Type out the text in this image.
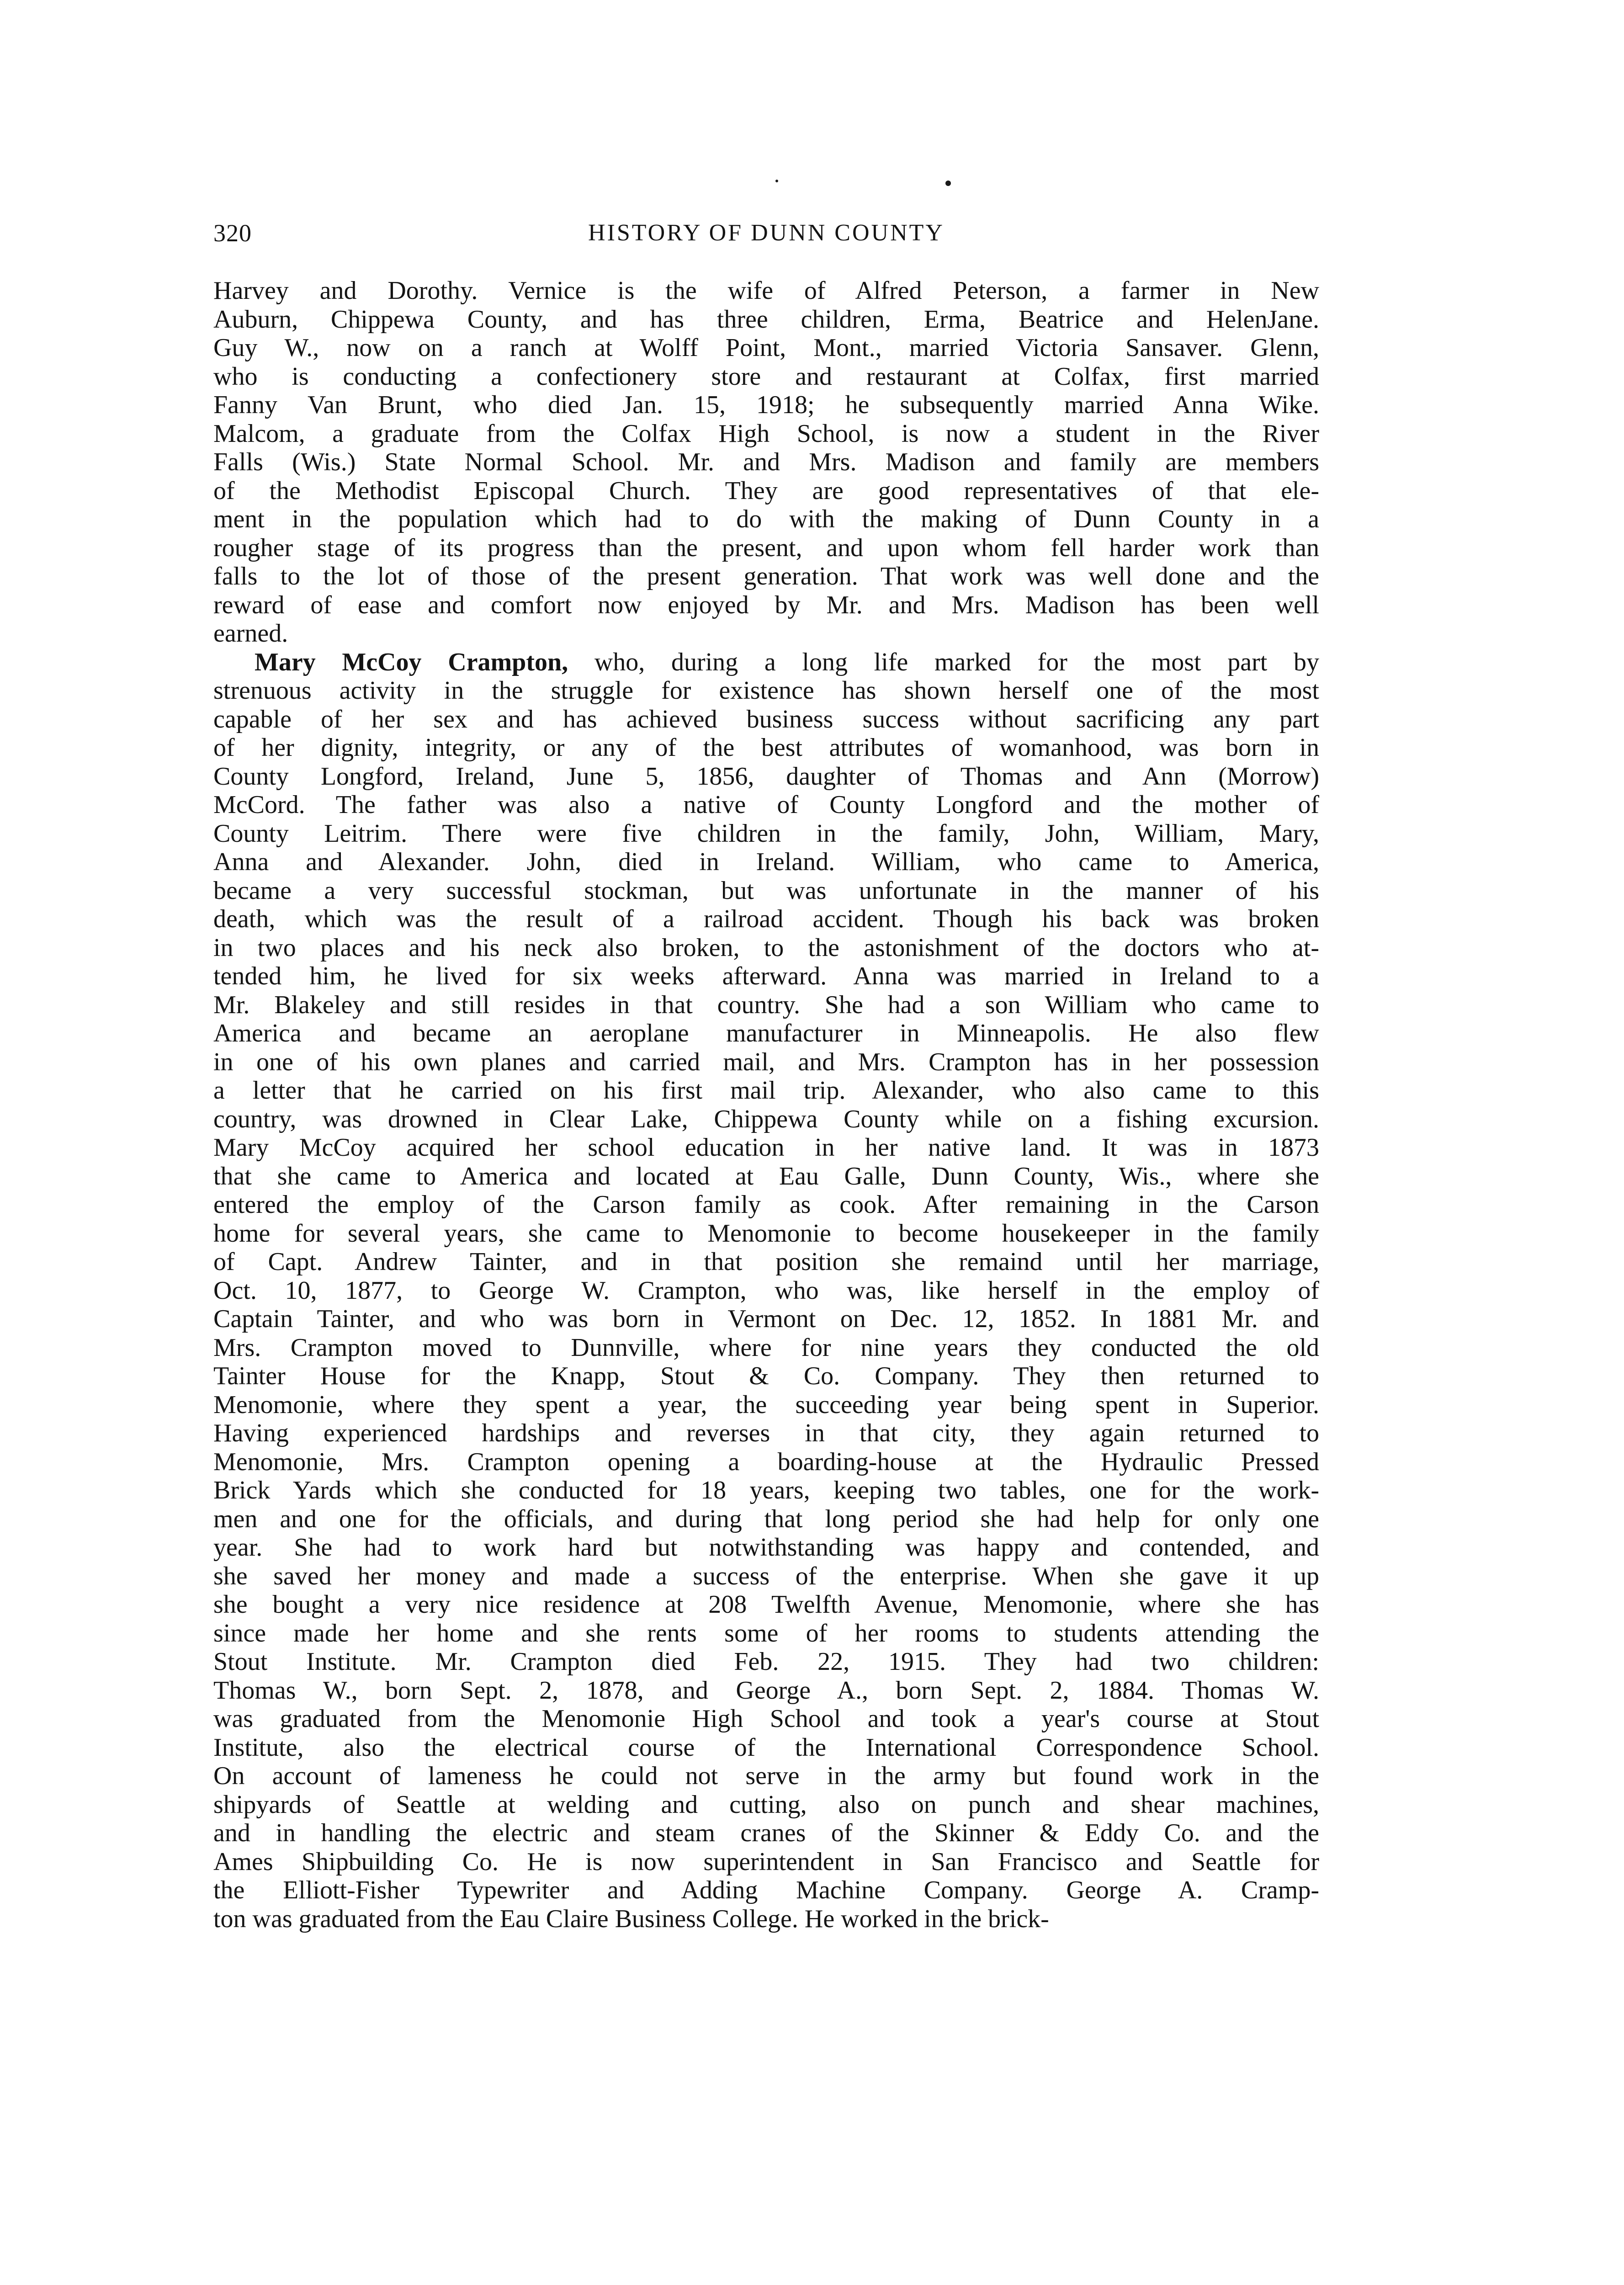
320	HISTORY OF DUNN COUNTY
Harvey and Dorothy. Vernice is the wife of Alfred Peterson, a farmer in New
Auburn, Chippewa County, and has three children, Erma, Beatrice and HelenJane.
Guy W., now on a ranch at Wolff Point, Mont., married Victoria Sansaver. Glenn,
who is conducting a confectionery store and restaurant at Colfax, first married
Fanny Van Brunt, who died Jan. 15, 1918; he subsequently married Anna Wike.
Malcom, a graduate from the Colfax High School, is now a student in the River
Falls (Wis.) State Normal School. Mr. and Mrs. Madison and family are members
of the Methodist Episcopal Church. They are good representatives of that ele-
ment in the population which had to do with the making of Dunn County in a
rougher stage of its progress than the present, and upon whom fell harder work than
falls to the lot of those of the present generation. That work was well done and the
reward of ease and comfort now enjoyed by Mr. and Mrs. Madison has been well
earned.
Mary McCoy Crampton, who, during a long life marked for the most part by
strenuous activity in the struggle for existence has shown herself one of the most
capable of her sex and has achieved business success without sacrificing any part
of her dignity, integrity, or any of the best attributes of womanhood, was born in
County Longford, Ireland, June 5, 1856, daughter of Thomas and Ann (Morrow)
McCord. The father was also a native of County Longford and the mother of
County Leitrim. There were five children in the family, John, William, Mary,
Anna and Alexander. John, died in Ireland. William, who came to America,
became a very successful stockman, but was unfortunate in the manner of his
death, which was the result of a railroad accident. Though his back was broken
in two places and his neck also broken, to the astonishment of the doctors who at-
tended him, he lived for six weeks afterward. Anna was married in Ireland to a
Mr. Blakeley and still resides in that country. She had a son William who came to
America and became an aeroplane manufacturer in Minneapolis. He also flew
in one of his own planes and carried mail, and Mrs. Crampton has in her possession
a letter that he carried on his first mail trip. Alexander, who also came to this
country, was drowned in Clear Lake, Chippewa County while on a fishing excursion.
Mary McCoy acquired her school education in her native land. It was in 1873
that she came to America and located at Eau Galle, Dunn County, Wis., where she
entered the employ of the Carson family as cook. After remaining in the Carson
home for several years, she came to Menomonie to become housekeeper in the family
of Capt. Andrew Tainter, and in that position she remaind until her marriage,
Oct. 10, 1877, to George W. Crampton, who was, like herself in the employ of
Captain Tainter, and who was born in Vermont on Dec. 12, 1852. In 1881 Mr. and
Mrs. Crampton moved to Dunnville, where for nine years they conducted the old
Tainter House for the Knapp, Stout & Co. Company. They then returned to
Menomonie, where they spent a year, the succeeding year being spent in Superior.
Having experienced hardships and reverses in that city, they again returned to
Menomonie, Mrs. Crampton opening a boarding-house at the Hydraulic Pressed
Brick Yards which she conducted for 18 years, keeping two tables, one for the work-
men and one for the officials, and during that long period she had help for only one
year. She had to work hard but notwithstanding was happy and contended, and
she saved her money and made a success of the enterprise. When she gave it up
she bought a very nice residence at 208 Twelfth Avenue, Menomonie, where she has
since made her home and she rents some of her rooms to students attending the
Stout Institute. Mr. Crampton died Feb. 22, 1915. They had two children:
Thomas W., born Sept. 2, 1878, and George A., born Sept. 2, 1884. Thomas W.
was graduated from the Menomonie High School and took a year's course at Stout
Institute, also the electrical course of the International Correspondence School.
On account of lameness he could not serve in the army but found work in the
shipyards of Seattle at welding and cutting, also on punch and shear machines,
and in handling the electric and steam cranes of the Skinner & Eddy Co. and the
Ames Shipbuilding Co. He is now superintendent in San Francisco and Seattle for
the Elliott-Fisher Typewriter and Adding Machine Company. George A. Cramp-
ton was graduated from the Eau Claire Business College. He worked in the brick-
